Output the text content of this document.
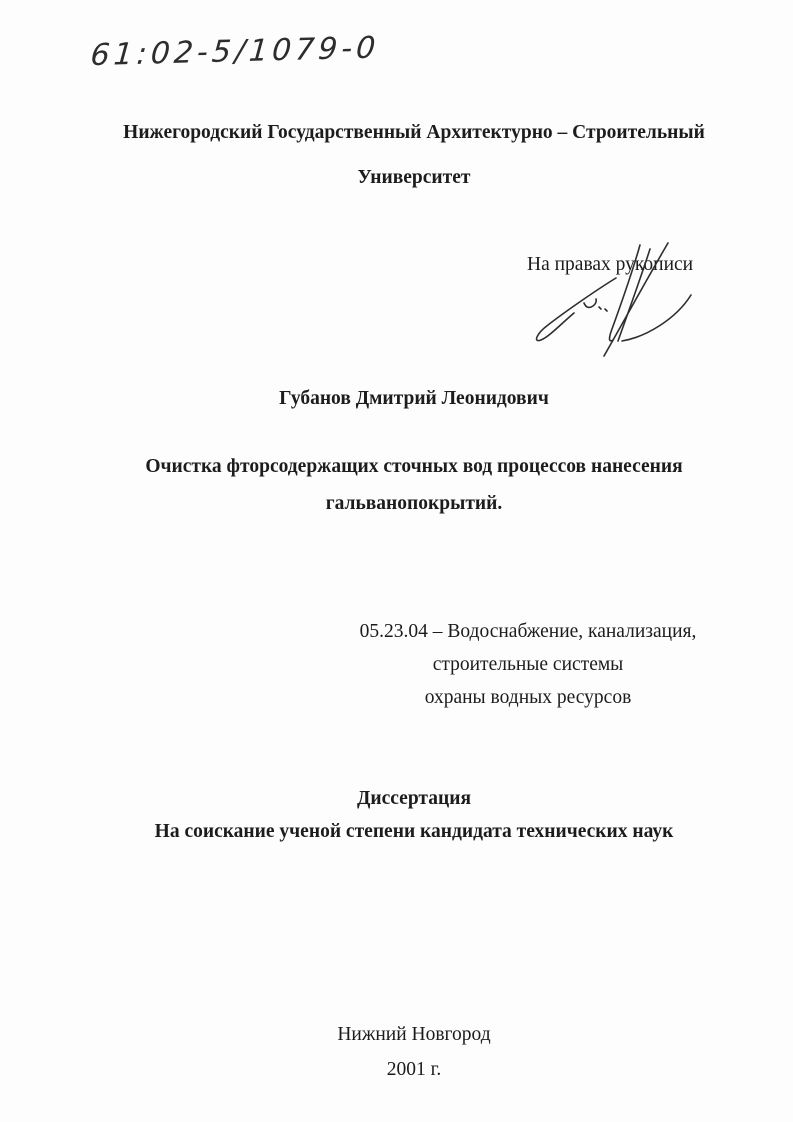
61:02-5/1079-0
Нижегородский Государственный Архитектурно – Строительный
Университет
На правах рукописи
Губанов Дмитрий Леонидович
Очистка фторсодержащих сточных вод процессов нанесения
гальванопокрытий.
05.23.04 – Водоснабжение, канализация,
строительные системы
охраны водных ресурсов
Диссертация
На соискание ученой степени кандидата технических наук
Нижний Новгород
2001 г.
